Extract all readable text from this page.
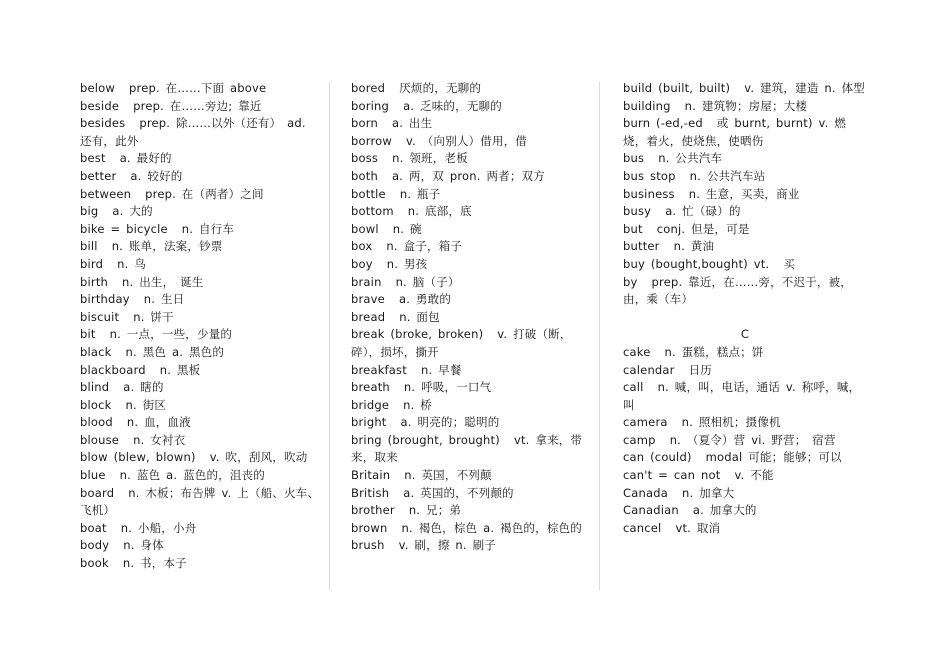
below prep. 在……下面 above
beside prep. 在……旁边; 靠近
besides prep. 除……以外（还有） ad. 还有，此外
best a. 最好的
better a. 较好的
between prep. 在（两者）之间
big a. 大的
bike = bicycle n. 自行车
bill n. 账单，法案，钞票
bird n. 鸟
birth n. 出生， 诞生
birthday n. 生日
biscuit n. 饼干
bit n. 一点，一些，少量的
black n. 黑色 a. 黑色的
blackboard n. 黑板
blind a. 瞎的
block n. 街区
blood n. 血，血液
blouse n. 女衬衣
blow (blew, blown) v. 吹，刮风，吹动
blue n. 蓝色 a. 蓝色的，沮丧的
board n. 木板；布告牌 v. 上（船、火车、飞机）
boat n. 小船，小舟
body n. 身体
book n. 书，本子
bored 厌烦的，无聊的
boring a. 乏味的，无聊的
born a. 出生
borrow v. （向别人）借用，借
boss n. 领班，老板
both a. 两，双 pron. 两者；双方
bottle n. 瓶子
bottom n. 底部，底
bowl n. 碗
box n. 盒子，箱子
boy n. 男孩
brain n. 脑（子）
brave a. 勇敢的
bread n. 面包
break (broke, broken) v. 打破（断，碎），损坏，撕开
breakfast n. 早餐
breath n. 呼吸，一口气
bridge n. 桥
bright a. 明亮的；聪明的
bring (brought, brought) vt. 拿来，带来，取来
Britain n. 英国，不列颠
British a. 英国的，不列颠的
brother n. 兄；弟
brown n. 褐色，棕色 a. 褐色的，棕色的
brush v. 刷，擦 n. 刷子
build (built, built) v. 建筑，建造 n. 体型
building n. 建筑物；房屋；大楼
burn (-ed,-ed 或 burnt, burnt) v. 燃烧，着火，使烧焦，使晒伤
bus n. 公共汽车
bus stop n. 公共汽车站
business n. 生意，买卖，商业
busy a. 忙（碌）的
but conj. 但是，可是
butter n. 黄油
buy (bought,bought) vt. 买
by prep. 靠近，在……旁，不迟于，被，由，乘（车）
C
cake n. 蛋糕，糕点；饼
calendar 日历
call n. 喊，叫，电话，通话 v. 称呼，喊，叫
camera n. 照相机；摄像机
camp n. （夏令）营 vi. 野营； 宿营
can (could) modal 可能；能够；可以
can't = can not v. 不能
Canada n. 加拿大
Canadian a. 加拿大的
cancel vt. 取消
